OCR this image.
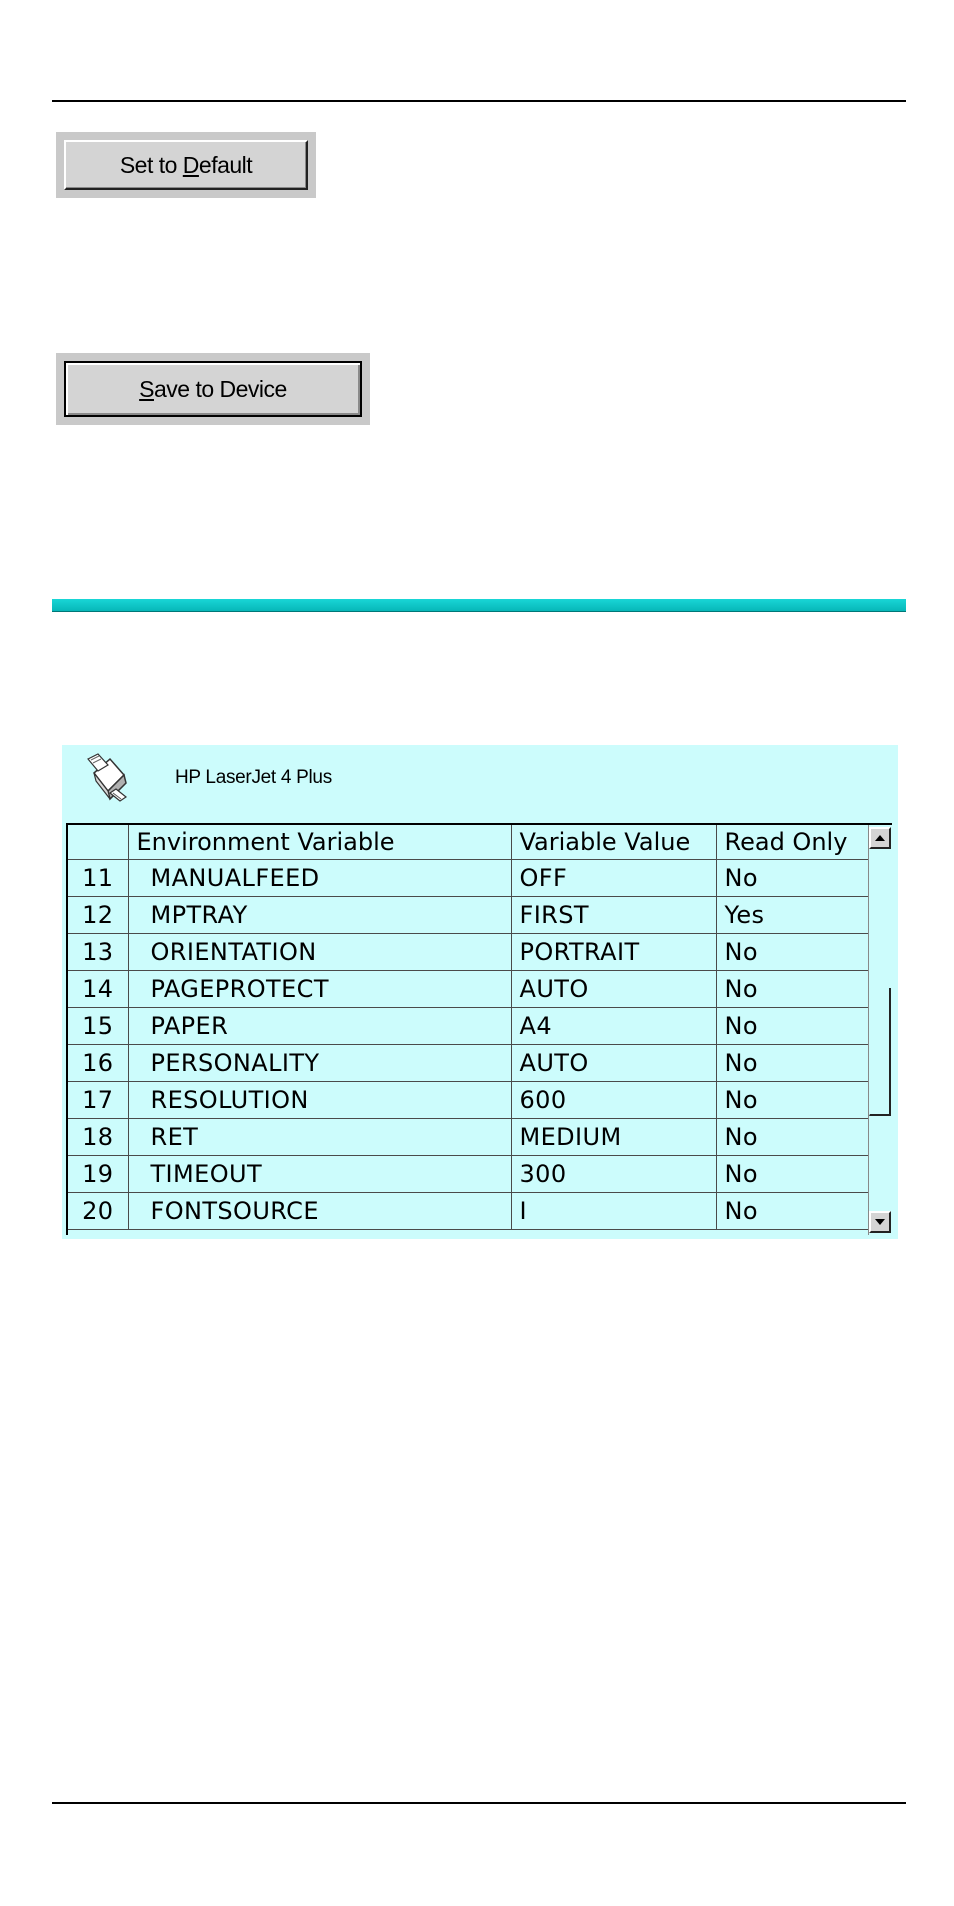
Set to D efault
S ave to Device
HP LaserJet 4 Plus
	Environment Variable	Variable Value	Read Only
11	MANUALFEED	OFF	No
12	MPTRAY	FIRST	Yes
13	ORIENTATION	PORTRAIT	No
14	PAGEPROTECT	AUTO	No
15	PAPER	A4	No
16	PERSONALITY	AUTO	No
17	RESOLUTION	600	No
18	RET	MEDIUM	No
19	TIMEOUT	300	No
20	FONTSOURCE	I	No
